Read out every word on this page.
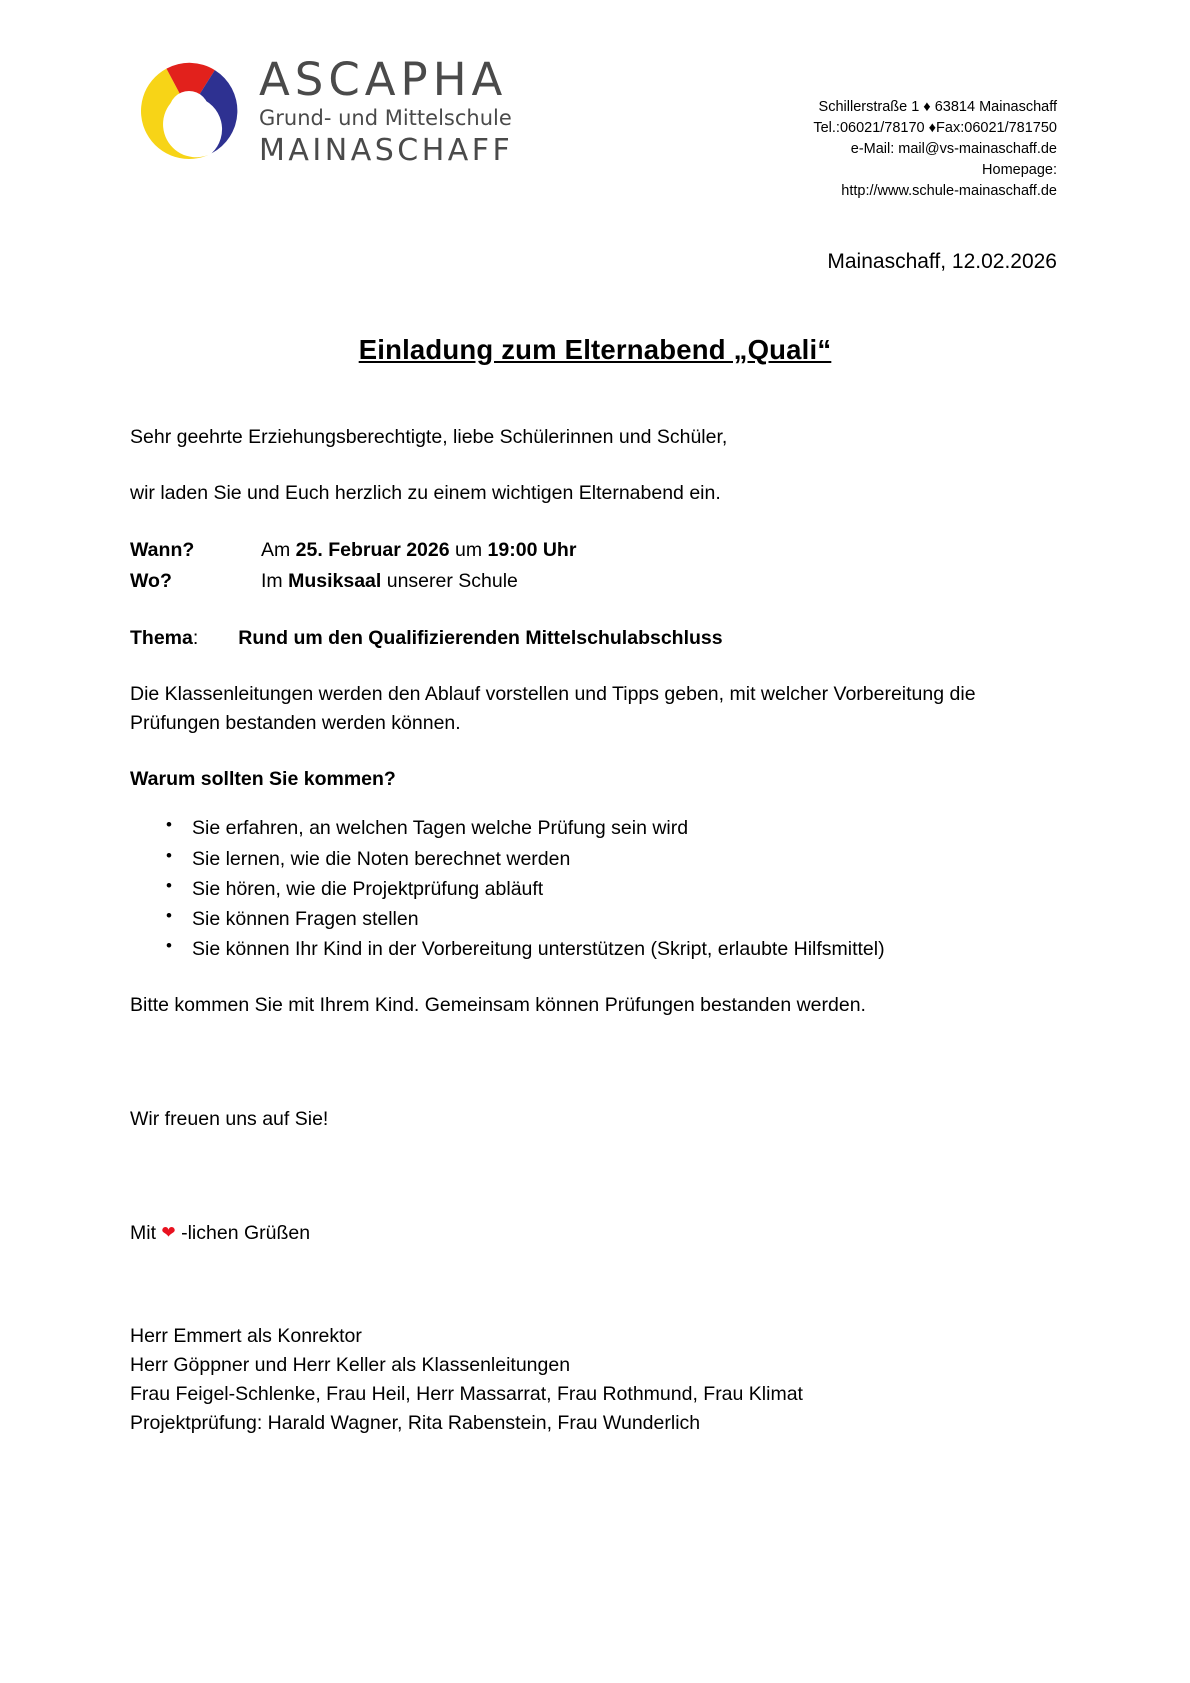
ASCAPHA
Grund- und Mittelschule
MAINASCHAFF
Schillerstraße 1 ♦ 63814 Mainaschaff
Tel.:06021/78170 ♦Fax:06021/781750
e-Mail: mail@vs-mainaschaff.de
Homepage:
http://www.schule-mainaschaff.de
Mainaschaff, 12.02.2026
Einladung zum Elternabend „Quali“

Sehr geehrte Erziehungsberechtigte, liebe Schülerinnen und Schüler,

wir laden Sie und Euch herzlich zu einem wichtigen Elternabend ein.

Wann?	Am 25. Februar 2026 um 19:00 Uhr
Wo?	Im Musiksaal unserer Schule
Thema: Rund um den Qualifizierenden Mittelschulabschluss

Die Klassenleitungen werden den Ablauf vorstellen und Tipps geben, mit welcher Vorbereitung die Prüfungen bestanden werden können.

Warum sollten Sie kommen?
• Sie erfahren, an welchen Tagen welche Prüfung sein wird
• Sie lernen, wie die Noten berechnet werden
• Sie hören, wie die Projektprüfung abläuft
• Sie können Fragen stellen
• Sie können Ihr Kind in der Vorbereitung unterstützen (Skript, erlaubte Hilfsmittel)

Bitte kommen Sie mit Ihrem Kind. Gemeinsam können Prüfungen bestanden werden.

Wir freuen uns auf Sie!

Mit ❤ -lichen Grüßen

Herr Emmert als Konrektor
Herr Göppner und Herr Keller als Klassenleitungen
Frau Feigel-Schlenke, Frau Heil, Herr Massarrat, Frau Rothmund, Frau Klimat
Projektprüfung: Harald Wagner, Rita Rabenstein, Frau Wunderlich
